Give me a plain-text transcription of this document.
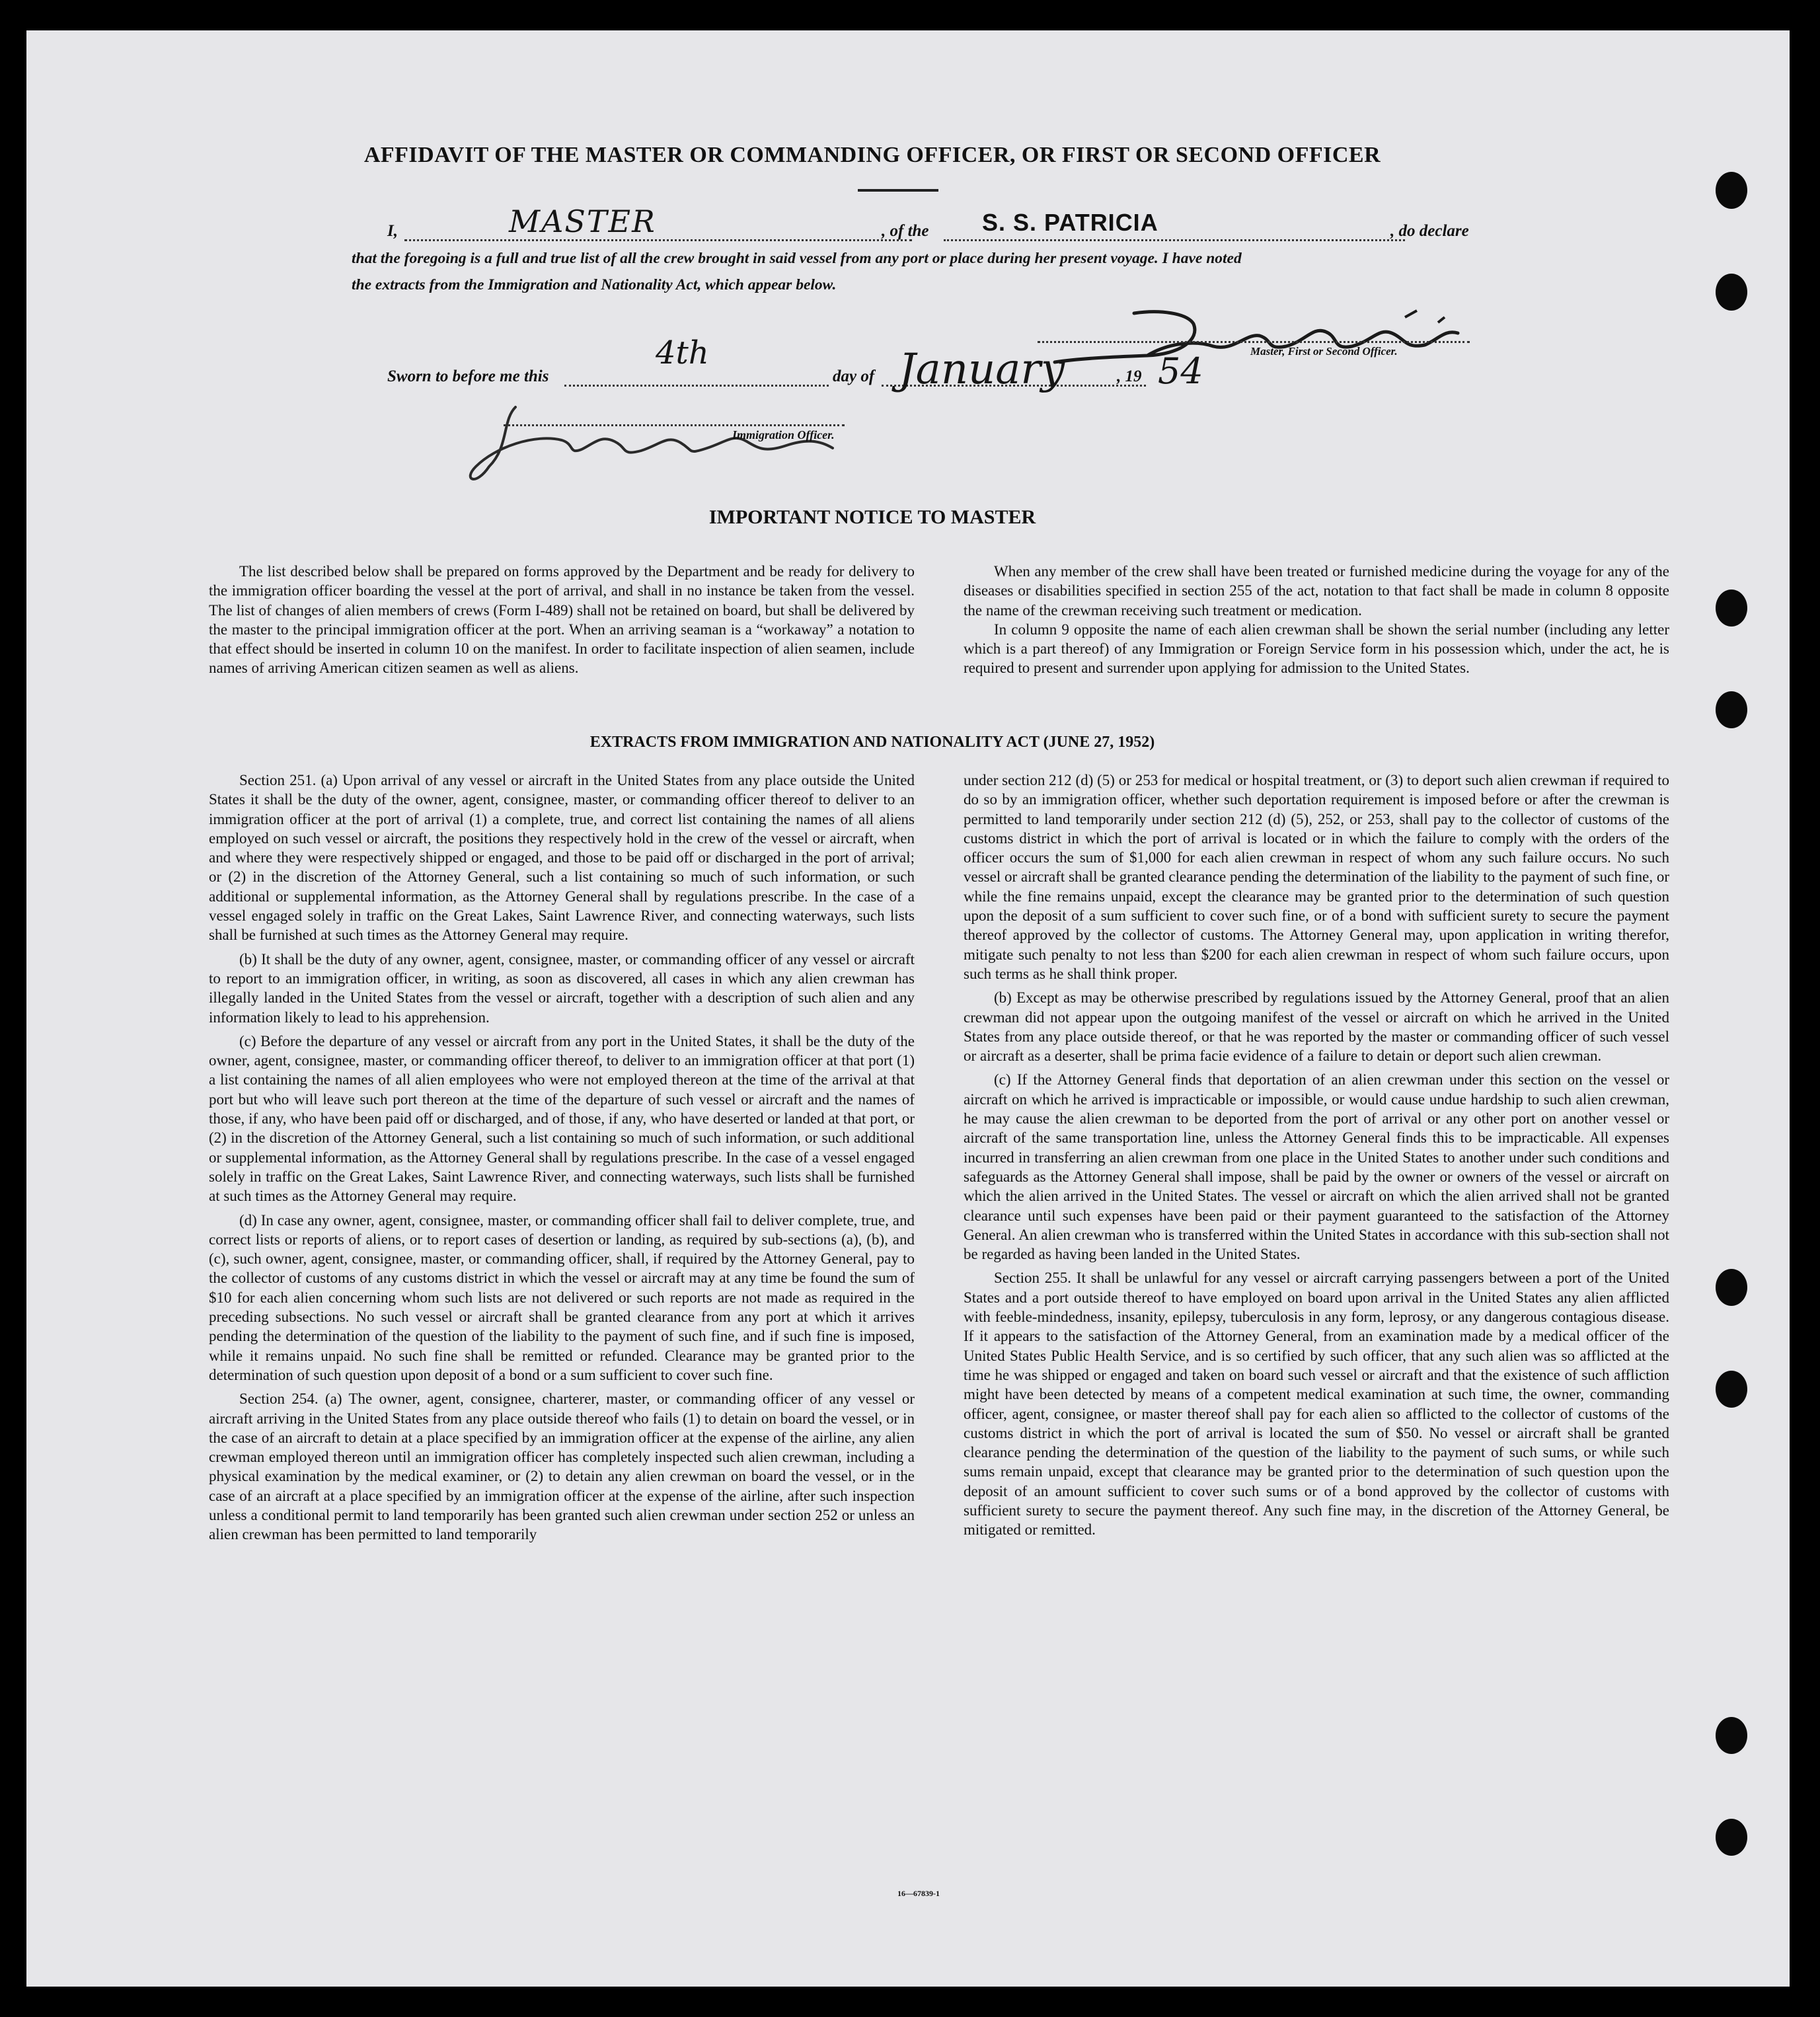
AFFIDAVIT OF THE MASTER OR COMMANDING OFFICER, OR FIRST OR SECOND OFFICER
I,	MASTER	, of the S. S. PATRICIA	, do declare
that the foregoing is a full and true list of all the crew brought in said vessel from any port or place during her present voyage. I have noted
the extracts from the Immigration and Nationality Act, which appear below.
Master, First or Second Officer.
Sworn to before me this
4th
day of January	, 19 54
Immigration Officer.
IMPORTANT NOTICE TO MASTER

The list described below shall be prepared on forms approved by the Department and be ready for delivery to the immigration officer boarding the vessel at the port of arrival, and shall in no instance be taken from the vessel. The list of changes of alien members of crews (Form I-489) shall not be retained on board, but shall be delivered by the master to the principal immigration officer at the port. When an arriving seaman is a “workaway” a notation to that effect should be inserted in column 10 on the manifest. In order to facilitate inspection of alien seamen, include names of arriving American citizen seamen as well as aliens.

When any member of the crew shall have been treated or furnished medicine during the voyage for any of the diseases or disabilities specified in section 255 of the act, notation to that fact shall be made in column 8 opposite the name of the crewman receiving such treatment or medication.

In column 9 opposite the name of each alien crewman shall be shown the serial number (including any letter which is a part thereof) of any Immigration or Foreign Service form in his possession which, under the act, he is required to present and surrender upon applying for admission to the United States.

EXTRACTS FROM IMMIGRATION AND NATIONALITY ACT (JUNE 27, 1952)

Section 251. (a) Upon arrival of any vessel or aircraft in the United States from any place outside the United States it shall be the duty of the owner, agent, consignee, master, or commanding officer thereof to deliver to an immigration officer at the port of arrival (1) a complete, true, and correct list containing the names of all aliens employed on such vessel or aircraft, the positions they respectively hold in the crew of the vessel or aircraft, when and where they were respectively shipped or engaged, and those to be paid off or discharged in the port of arrival; or (2) in the discretion of the Attorney General, such a list containing so much of such information, or such additional or supplemental information, as the Attorney General shall by regulations prescribe. In the case of a vessel engaged solely in traffic on the Great Lakes, Saint Lawrence River, and connecting waterways, such lists shall be furnished at such times as the Attorney General may require.

(b) It shall be the duty of any owner, agent, consignee, master, or commanding officer of any vessel or aircraft to report to an immigration officer, in writing, as soon as discovered, all cases in which any alien crewman has illegally landed in the United States from the vessel or aircraft, together with a description of such alien and any information likely to lead to his apprehension.

(c) Before the departure of any vessel or aircraft from any port in the United States, it shall be the duty of the owner, agent, consignee, master, or commanding officer thereof, to deliver to an immigration officer at that port (1) a list containing the names of all alien employees who were not employed thereon at the time of the arrival at that port but who will leave such port thereon at the time of the departure of such vessel or aircraft and the names of those, if any, who have been paid off or discharged, and of those, if any, who have deserted or landed at that port, or (2) in the discretion of the Attorney General, such a list containing so much of such information, or such additional or supplemental information, as the Attorney General shall by regulations prescribe. In the case of a vessel engaged solely in traffic on the Great Lakes, Saint Lawrence River, and connecting waterways, such lists shall be furnished at such times as the Attorney General may require.

(d) In case any owner, agent, consignee, master, or commanding officer shall fail to deliver complete, true, and correct lists or reports of aliens, or to report cases of desertion or landing, as required by sub-sections (a), (b), and (c), such owner, agent, consignee, master, or commanding officer, shall, if required by the Attorney General, pay to the collector of customs of any customs district in which the vessel or aircraft may at any time be found the sum of $10 for each alien concerning whom such lists are not delivered or such reports are not made as required in the preceding subsections. No such vessel or aircraft shall be granted clearance from any port at which it arrives pending the determination of the question of the liability to the payment of such fine, and if such fine is imposed, while it remains unpaid. No such fine shall be remitted or refunded. Clearance may be granted prior to the determination of such question upon deposit of a bond or a sum sufficient to cover such fine.

Section 254. (a) The owner, agent, consignee, charterer, master, or commanding officer of any vessel or aircraft arriving in the United States from any place outside thereof who fails (1) to detain on board the vessel, or in the case of an aircraft to detain at a place specified by an immigration officer at the expense of the airline, any alien crewman employed thereon until an immigration officer has completely inspected such alien crewman, including a physical examination by the medical examiner, or (2) to detain any alien crewman on board the vessel, or in the case of an aircraft at a place specified by an immigration officer at the expense of the airline, after such inspection unless a conditional permit to land temporarily has been granted such alien crewman under section 252 or unless an alien crewman has been permitted to land temporarily

under section 212 (d) (5) or 253 for medical or hospital treatment, or (3) to deport such alien crewman if required to do so by an immigration officer, whether such deportation requirement is imposed before or after the crewman is permitted to land temporarily under section 212 (d) (5), 252, or 253, shall pay to the collector of customs of the customs district in which the port of arrival is located or in which the failure to comply with the orders of the officer occurs the sum of $1,000 for each alien crewman in respect of whom any such failure occurs. No such vessel or aircraft shall be granted clearance pending the determination of the liability to the payment of such fine, or while the fine remains unpaid, except the clearance may be granted prior to the determination of such question upon the deposit of a sum sufficient to cover such fine, or of a bond with sufficient surety to secure the payment thereof approved by the collector of customs. The Attorney General may, upon application in writing therefor, mitigate such penalty to not less than $200 for each alien crewman in respect of whom such failure occurs, upon such terms as he shall think proper.

(b) Except as may be otherwise prescribed by regulations issued by the Attorney General, proof that an alien crewman did not appear upon the outgoing manifest of the vessel or aircraft on which he arrived in the United States from any place outside thereof, or that he was reported by the master or commanding officer of such vessel or aircraft as a deserter, shall be prima facie evidence of a failure to detain or deport such alien crewman.

(c) If the Attorney General finds that deportation of an alien crewman under this section on the vessel or aircraft on which he arrived is impracticable or impossible, or would cause undue hardship to such alien crewman, he may cause the alien crewman to be deported from the port of arrival or any other port on another vessel or aircraft of the same transportation line, unless the Attorney General finds this to be impracticable. All expenses incurred in transferring an alien crewman from one place in the United States to another under such conditions and safeguards as the Attorney General shall impose, shall be paid by the owner or owners of the vessel or aircraft on which the alien arrived in the United States. The vessel or aircraft on which the alien arrived shall not be granted clearance until such expenses have been paid or their payment guaranteed to the satisfaction of the Attorney General. An alien crewman who is transferred within the United States in accordance with this sub-section shall not be regarded as having been landed in the United States.

Section 255. It shall be unlawful for any vessel or aircraft carrying passengers between a port of the United States and a port outside thereof to have employed on board upon arrival in the United States any alien afflicted with feeble-mindedness, insanity, epilepsy, tuberculosis in any form, leprosy, or any dangerous contagious disease. If it appears to the satisfaction of the Attorney General, from an examination made by a medical officer of the United States Public Health Service, and is so certified by such officer, that any such alien was so afflicted at the time he was shipped or engaged and taken on board such vessel or aircraft and that the existence of such affliction might have been detected by means of a competent medical examination at such time, the owner, commanding officer, agent, consignee, or master thereof shall pay for each alien so afflicted to the collector of customs of the customs district in which the port of arrival is located the sum of $50. No vessel or aircraft shall be granted clearance pending the determination of the question of the liability to the payment of such sums, or while such sums remain unpaid, except that clearance may be granted prior to the determination of such question upon the deposit of an amount sufficient to cover such sums or of a bond approved by the collector of customs with sufficient surety to secure the payment thereof. Any such fine may, in the discretion of the Attorney General, be mitigated or remitted.

16—67839-1
